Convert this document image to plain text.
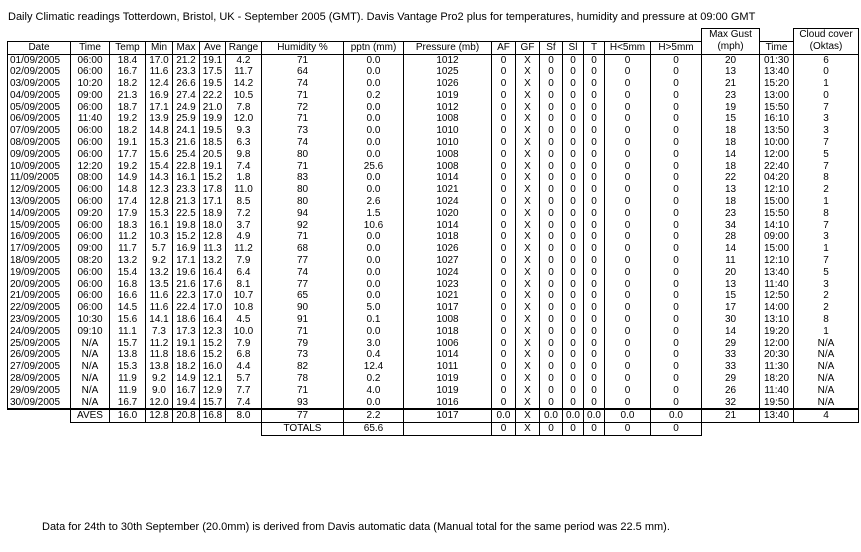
Daily Climatic readings Totterdown, Bristol, UK - September 2005 (GMT). Davis Vantage Pro2 plus for temperatures, humidity and pressure at 09:00 GMT
																	Max Gust		Cloud cover
Date	Time	Temp	Min	Max	Ave	Range	Humidity %	pptn (mm)	Pressure (mb)	AF	GF	Sf	Sl	T	H<5mm	H>5mm	(mph)	Time	(Oktas)
01/09/2005	06:00	18.4	17.0	21.2	19.1	4.2	71	0.0	1012	0	X	0	0	0	0	0	20	01:30	6
02/09/2005	06:00	16.7	11.6	23.3	17.5	11.7	64	0.0	1025	0	X	0	0	0	0	0	13	13:40	0
03/09/2005	10:20	18.2	12.4	26.6	19.5	14.2	74	0.0	1026	0	X	0	0	0	0	0	21	15:20	1
04/09/2005	09:00	21.3	16.9	27.4	22.2	10.5	71	0.2	1019	0	X	0	0	0	0	0	23	13:00	0
05/09/2005	06:00	18.7	17.1	24.9	21.0	7.8	72	0.0	1012	0	X	0	0	0	0	0	19	15:50	7
06/09/2005	11:40	19.2	13.9	25.9	19.9	12.0	71	0.0	1008	0	X	0	0	0	0	0	15	16:10	3
07/09/2005	06:00	18.2	14.8	24.1	19.5	9.3	73	0.0	1010	0	X	0	0	0	0	0	18	13:50	3
08/09/2005	06:00	19.1	15.3	21.6	18.5	6.3	74	0.0	1010	0	X	0	0	0	0	0	18	10:00	7
09/09/2005	06:00	17.7	15.6	25.4	20.5	9.8	80	0.0	1008	0	X	0	0	0	0	0	14	12:00	5
10/09/2005	12:20	19.2	15.4	22.8	19.1	7.4	71	25.6	1008	0	X	0	0	0	0	0	18	22:40	7
11/09/2005	08:00	14.9	14.3	16.1	15.2	1.8	83	0.0	1014	0	X	0	0	0	0	0	22	04:20	8
12/09/2005	06:00	14.8	12.3	23.3	17.8	11.0	80	0.0	1021	0	X	0	0	0	0	0	13	12:10	2
13/09/2005	06:00	17.4	12.8	21.3	17.1	8.5	80	2.6	1024	0	X	0	0	0	0	0	18	15:00	1
14/09/2005	09:20	17.9	15.3	22.5	18.9	7.2	94	1.5	1020	0	X	0	0	0	0	0	23	15:50	8
15/09/2005	06:00	18.3	16.1	19.8	18.0	3.7	92	10.6	1014	0	X	0	0	0	0	0	34	14:10	7
16/09/2005	06:00	11.2	10.3	15.2	12.8	4.9	71	0.0	1018	0	X	0	0	0	0	0	28	09:00	3
17/09/2005	09:00	11.7	5.7	16.9	11.3	11.2	68	0.0	1026	0	X	0	0	0	0	0	14	15:00	1
18/09/2005	08:20	13.2	9.2	17.1	13.2	7.9	77	0.0	1027	0	X	0	0	0	0	0	11	12:10	7
19/09/2005	06:00	15.4	13.2	19.6	16.4	6.4	74	0.0	1024	0	X	0	0	0	0	0	20	13:40	5
20/09/2005	06:00	16.8	13.5	21.6	17.6	8.1	77	0.0	1023	0	X	0	0	0	0	0	13	11:40	3
21/09/2005	06:00	16.6	11.6	22.3	17.0	10.7	65	0.0	1021	0	X	0	0	0	0	0	15	12:50	2
22/09/2005	06:00	14.5	11.6	22.4	17.0	10.8	90	5.0	1017	0	X	0	0	0	0	0	17	14:00	2
23/09/2005	10:30	15.6	14.1	18.6	16.4	4.5	91	0.1	1008	0	X	0	0	0	0	0	30	13:10	8
24/09/2005	09:10	11.1	7.3	17.3	12.3	10.0	71	0.0	1018	0	X	0	0	0	0	0	14	19:20	1
25/09/2005	N/A	15.7	11.2	19.1	15.2	7.9	79	3.0	1006	0	X	0	0	0	0	0	29	12:00	N/A
26/09/2005	N/A	13.8	11.8	18.6	15.2	6.8	73	0.4	1014	0	X	0	0	0	0	0	33	20:30	N/A
27/09/2005	N/A	15.3	13.8	18.2	16.0	4.4	82	12.4	1011	0	X	0	0	0	0	0	33	11:30	N/A
28/09/2005	N/A	11.9	9.2	14.9	12.1	5.7	78	0.2	1019	0	X	0	0	0	0	0	29	18:20	N/A
29/09/2005	N/A	11.9	9.0	16.7	12.9	7.7	71	4.0	1019	0	X	0	0	0	0	0	26	11:40	N/A
30/09/2005	N/A	16.7	12.0	19.4	15.7	7.4	93	0.0	1016	0	X	0	0	0	0	0	32	19:50	N/A
	AVES	16.0	12.8	20.8	16.8	8.0	77	2.2	1017	0.0	X	0.0	0.0	0.0	0.0	0.0	21	13:40	4
							TOTALS	65.6		0	X	0	0	0	0	0			
Data for 24th to 30th September (20.0mm) is derived from Davis automatic data (Manual total for the same period was 22.5 mm).
